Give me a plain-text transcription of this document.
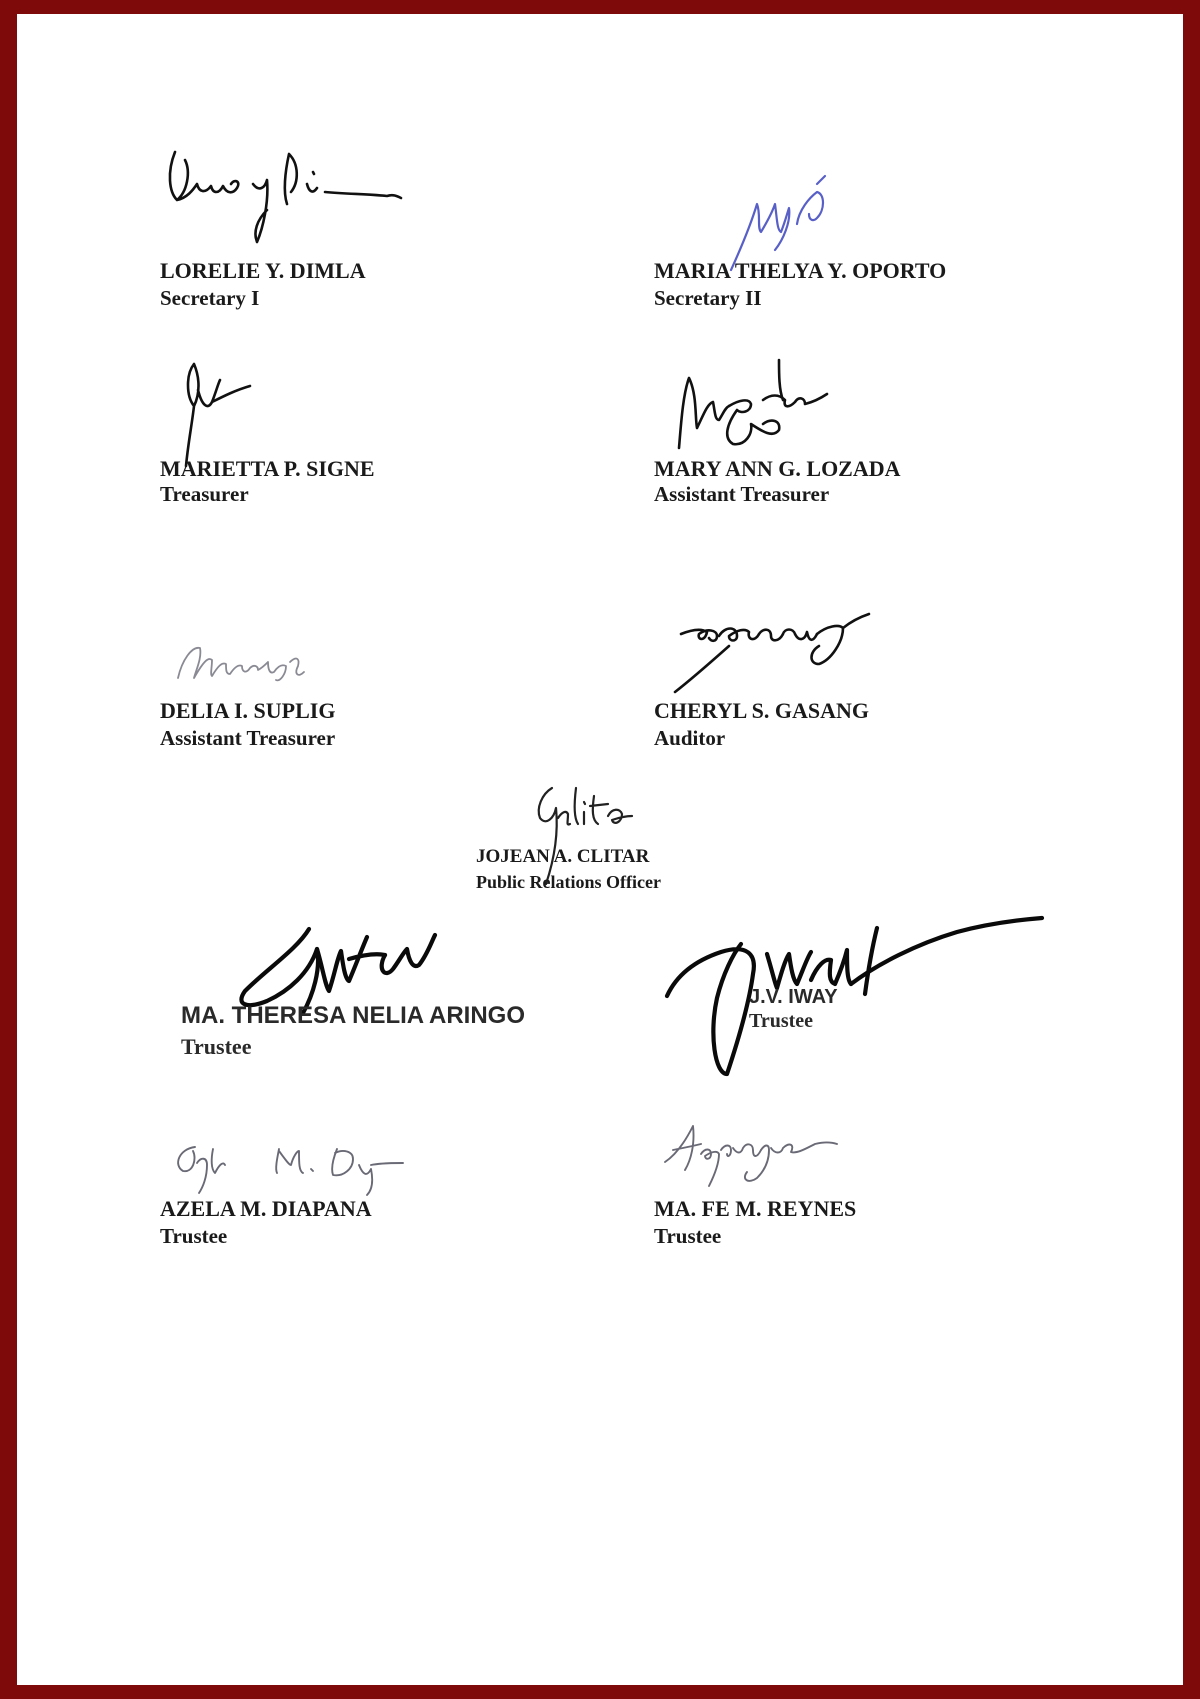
LORELIE Y. DIMLA
Secretary I
MARIA THELYA Y. OPORTO
Secretary II
MARIETTA P. SIGNE
Treasurer
MARY ANN G. LOZADA
Assistant Treasurer
DELIA I. SUPLIG
Assistant Treasurer
CHERYL S. GASANG
Auditor
JOJEAN A. CLITAR
Public Relations Officer
MA. THERESA NELIA ARINGO
Trustee
J.V. IWAY
Trustee
AZELA M. DIAPANA
Trustee
MA. FE M. REYNES
Trustee
